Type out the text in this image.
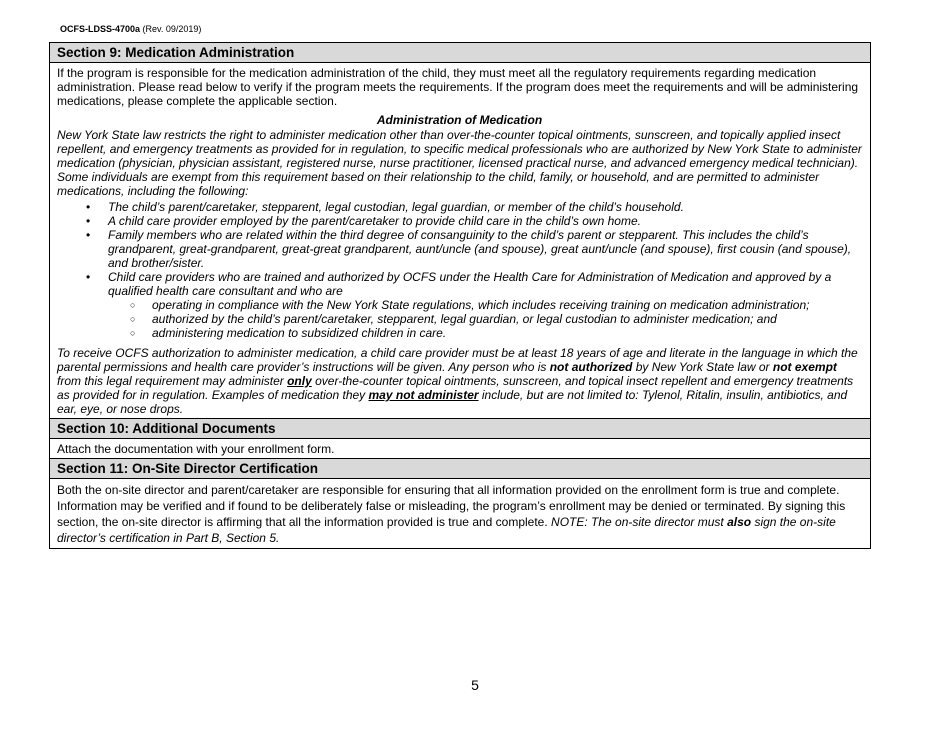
OCFS-LDSS-4700a (Rev. 09/2019)
Section 9: Medication Administration

If the program is responsible for the medication administration of the child, they must meet all the regulatory requirements regarding medication administration. Please read below to verify if the program meets the requirements. If the program does meet the requirements and will be administering medications, please complete the applicable section.

Administration of Medication

New York State law restricts the right to administer medication other than over-the-counter topical ointments, sunscreen, and topically applied insect repellent, and emergency treatments as provided for in regulation, to specific medical professionals who are authorized by New York State to administer medication (physician, physician assistant, registered nurse, nurse practitioner, licensed practical nurse, and advanced emergency medical technician). Some individuals are exempt from this requirement based on their relationship to the child, family, or household, and are permitted to administer medications, including the following:

• The child’s parent/caretaker, stepparent, legal custodian, legal guardian, or member of the child’s household.
• A child care provider employed by the parent/caretaker to provide child care in the child’s own home.
• Family members who are related within the third degree of consanguinity to the child’s parent or stepparent. This includes the child’s grandparent, great-grandparent, great-great grandparent, aunt/uncle (and spouse), great aunt/uncle (and spouse), first cousin (and spouse), and brother/sister.
• Child care providers who are trained and authorized by OCFS under the Health Care for Administration of Medication and approved by a qualified health care consultant and who are
○ operating in compliance with the New York State regulations, which includes receiving training on medication administration;
○ authorized by the child’s parent/caretaker, stepparent, legal guardian, or legal custodian to administer medication; and
○ administering medication to subsidized children in care.

To receive OCFS authorization to administer medication, a child care provider must be at least 18 years of age and literate in the language in which the parental permissions and health care provider’s instructions will be given. Any person who is not authorized by New York State law or not exempt from this legal requirement may administer only over-the-counter topical ointments, sunscreen, and topical insect repellent and emergency treatments as provided for in regulation. Examples of medication they may not administer include, but are not limited to: Tylenol, Ritalin, insulin, antibiotics, and ear, eye, or nose drops.

Section 10: Additional Documents
Attach the documentation with your enrollment form.
Section 11: On-Site Director Certification
Both the on-site director and parent/caretaker are responsible for ensuring that all information provided on the enrollment form is true and complete. Information may be verified and if found to be deliberately false or misleading, the program’s enrollment may be denied or terminated. By signing this section, the on-site director is affirming that all the information provided is true and complete. NOTE: The on-site director must also sign the on-site director’s certification in Part B, Section 5.
5
